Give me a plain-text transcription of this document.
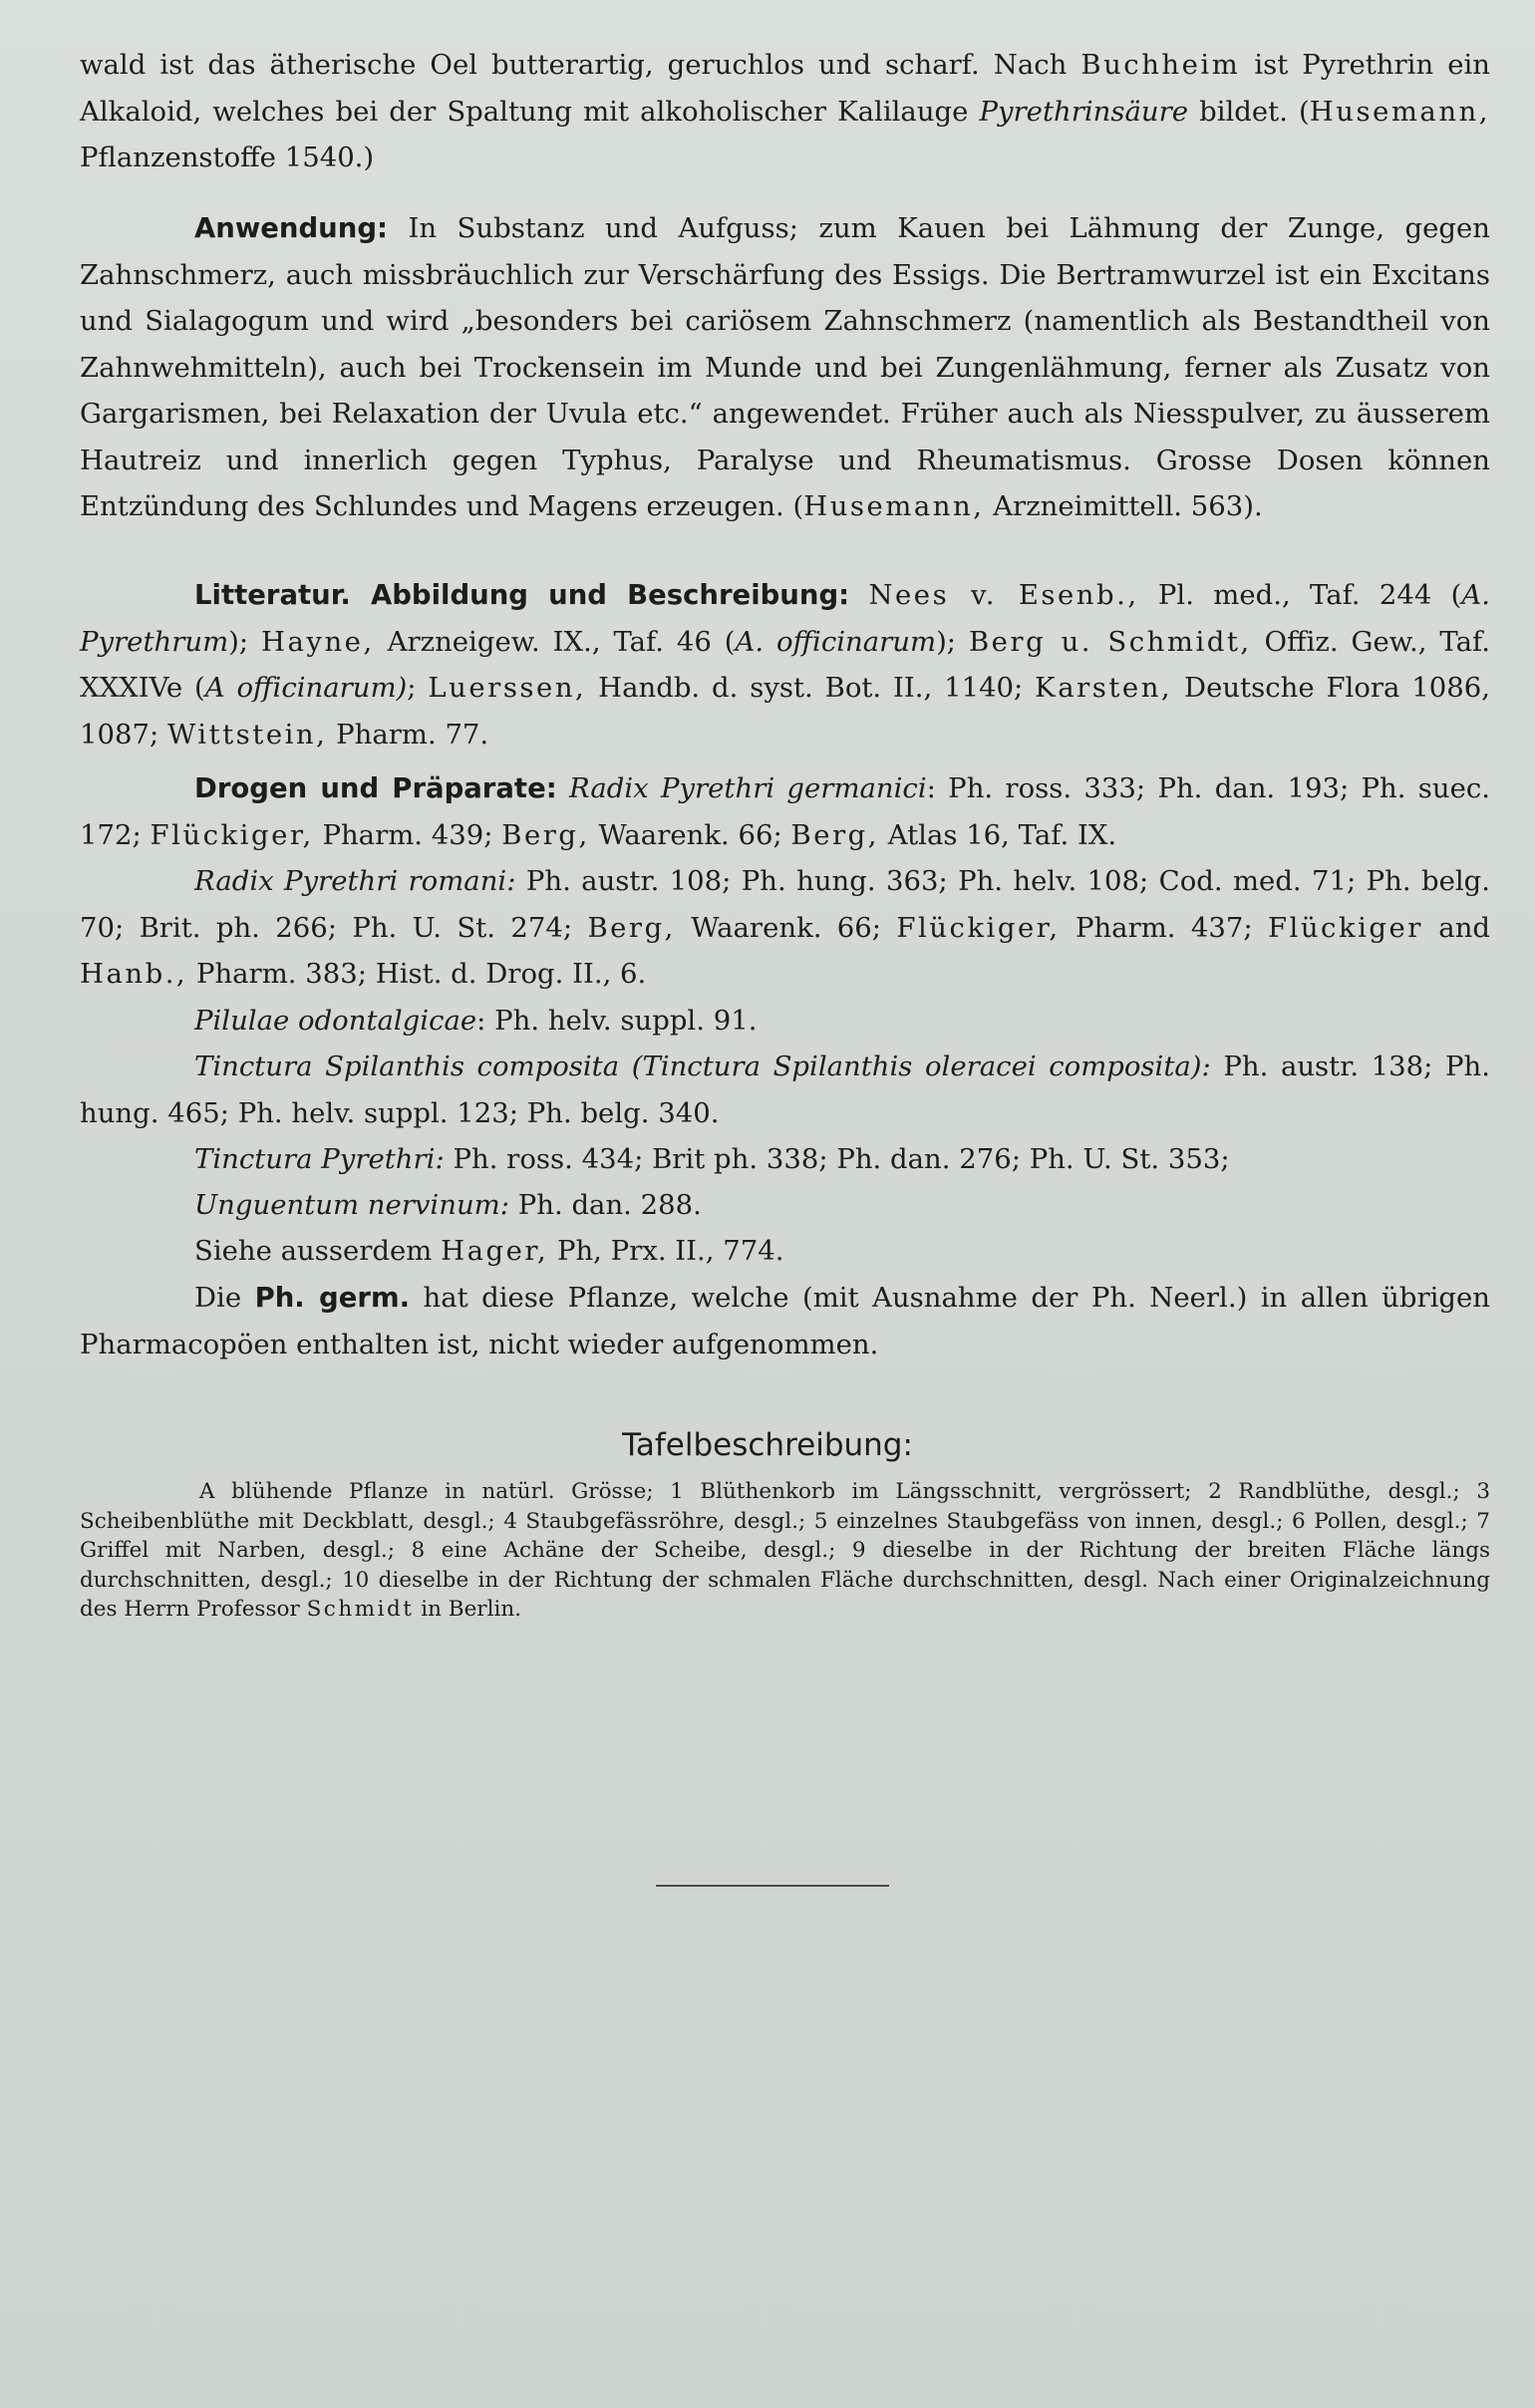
wald ist das ätherische Oel butterartig, geruchlos und scharf. Nach Buchheim ist Pyrethrin ein Alkaloid, welches bei der Spaltung mit alkoholischer Kalilauge Pyrethrinsäure bildet. (Husemann, Pflanzenstoffe 1540.)
Anwendung: In Substanz und Aufguss; zum Kauen bei Lähmung der Zunge, gegen Zahnschmerz, auch missbräuchlich zur Verschärfung des Essigs. Die Bertramwurzel ist ein Excitans und Sialagogum und wird „besonders bei cariösem Zahnschmerz (namentlich als Bestandtheil von Zahnwehmitteln), auch bei Trockensein im Munde und bei Zungenlähmung, ferner als Zusatz von Gargarismen, bei Relaxation der Uvula etc.“ angewendet. Früher auch als Niesspulver, zu äusserem Hautreiz und innerlich gegen Typhus, Paralyse und Rheumatismus. Grosse Dosen können Entzündung des Schlundes und Magens erzeugen. (Husemann, Arzneimittell. 563).
Litteratur. Abbildung und Beschreibung: Nees v. Esenb., Pl. med., Taf. 244 (A. Pyrethrum); Hayne, Arzneigew. IX., Taf. 46 (A. officinarum); Berg u. Schmidt, Offiz. Gew., Taf. XXXIVe (A officinarum); Luerssen, Handb. d. syst. Bot. II., 1140; Karsten, Deutsche Flora 1086, 1087; Wittstein, Pharm. 77.
Drogen und Präparate: Radix Pyrethri germanici: Ph. ross. 333; Ph. dan. 193; Ph. suec. 172; Flückiger, Pharm. 439; Berg, Waarenk. 66; Berg, Atlas 16, Taf. IX.
Radix Pyrethri romani: Ph. austr. 108; Ph. hung. 363; Ph. helv. 108; Cod. med. 71; Ph. belg. 70; Brit. ph. 266; Ph. U. St. 274; Berg, Waarenk. 66; Flückiger, Pharm. 437; Flückiger and Hanb., Pharm. 383; Hist. d. Drog. II., 6.
Pilulae odontalgicae: Ph. helv. suppl. 91.
Tinctura Spilanthis composita (Tinctura Spilanthis oleracei composita): Ph. austr. 138; Ph. hung. 465; Ph. helv. suppl. 123; Ph. belg. 340.
Tinctura Pyrethri: Ph. ross. 434; Brit ph. 338; Ph. dan. 276; Ph. U. St. 353;
Unguentum nervinum: Ph. dan. 288.
Siehe ausserdem Hager, Ph, Prx. II., 774.
Die Ph. germ. hat diese Pflanze, welche (mit Ausnahme der Ph. Neerl.) in allen übrigen Pharmacopöen enthalten ist, nicht wieder aufgenommen.
Tafelbeschreibung:
A blühende Pflanze in natürl. Grösse; 1 Blüthenkorb im Längsschnitt, vergrössert; 2 Randblüthe, desgl.; 3 Scheibenblüthe mit Deckblatt, desgl.; 4 Staubgefässröhre, desgl.; 5 einzelnes Staubgefäss von innen, desgl.; 6 Pollen, desgl.; 7 Griffel mit Narben, desgl.; 8 eine Achäne der Scheibe, desgl.; 9 dieselbe in der Richtung der breiten Fläche längs durchschnitten, desgl.; 10 dieselbe in der Richtung der schmalen Fläche durchschnitten, desgl. Nach einer Originalzeichnung des Herrn Professor Schmidt in Berlin.
